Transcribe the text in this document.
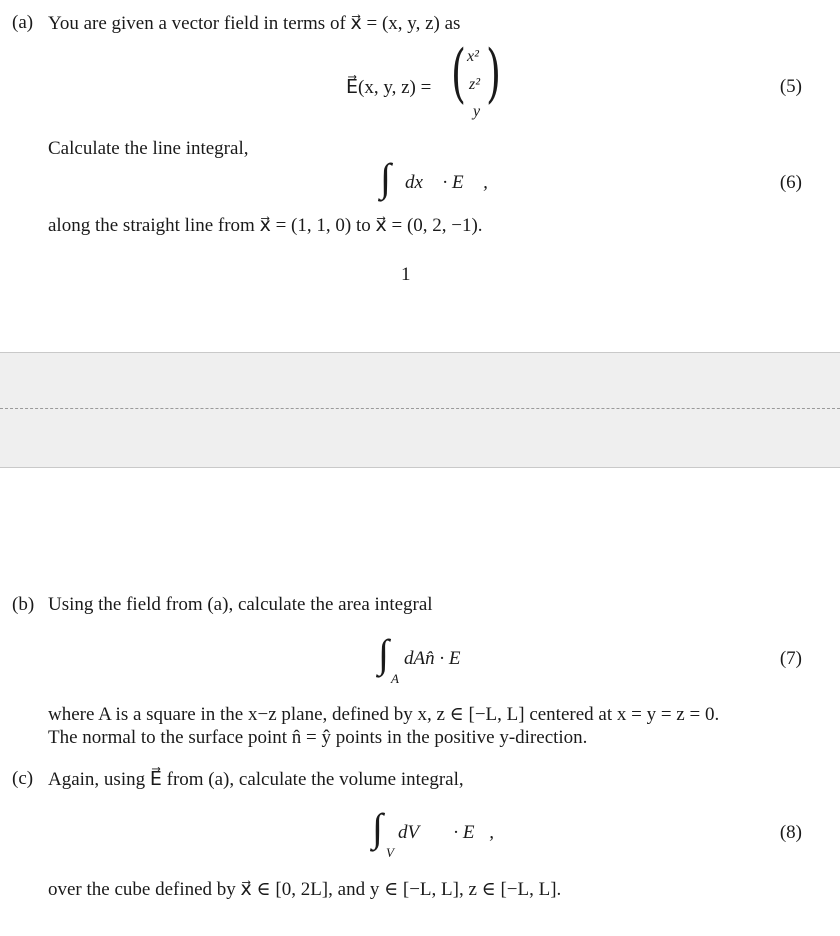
(a) You are given a vector field in terms of x⃗ = (x, y, z) as
E⃗(x, y, z) = ( x²
z²
y
)	(5)
Calculate the line integral,
∫ dx⃗ · E⃗ ,	(6)
along the straight line from x⃗ = (1, 1, 0) to x⃗ = (0, 2, −1).
1
(b) Using the field from (a), calculate the area integral
∫
A
dAn̂ · E⃗	(7)
where A is a square in the x−z plane, defined by x, z ∈ [−L, L] centered at x = y = z = 0.
The normal to the surface point n̂ = ŷ points in the positive y-direction.
(c) Again, using E⃗ from (a), calculate the volume integral,
∫
V
dV∇⃗ · E⃗,	(8)
over the cube defined by x⃗ ∈ [0, 2L], and y ∈ [−L, L], z ∈ [−L, L].
